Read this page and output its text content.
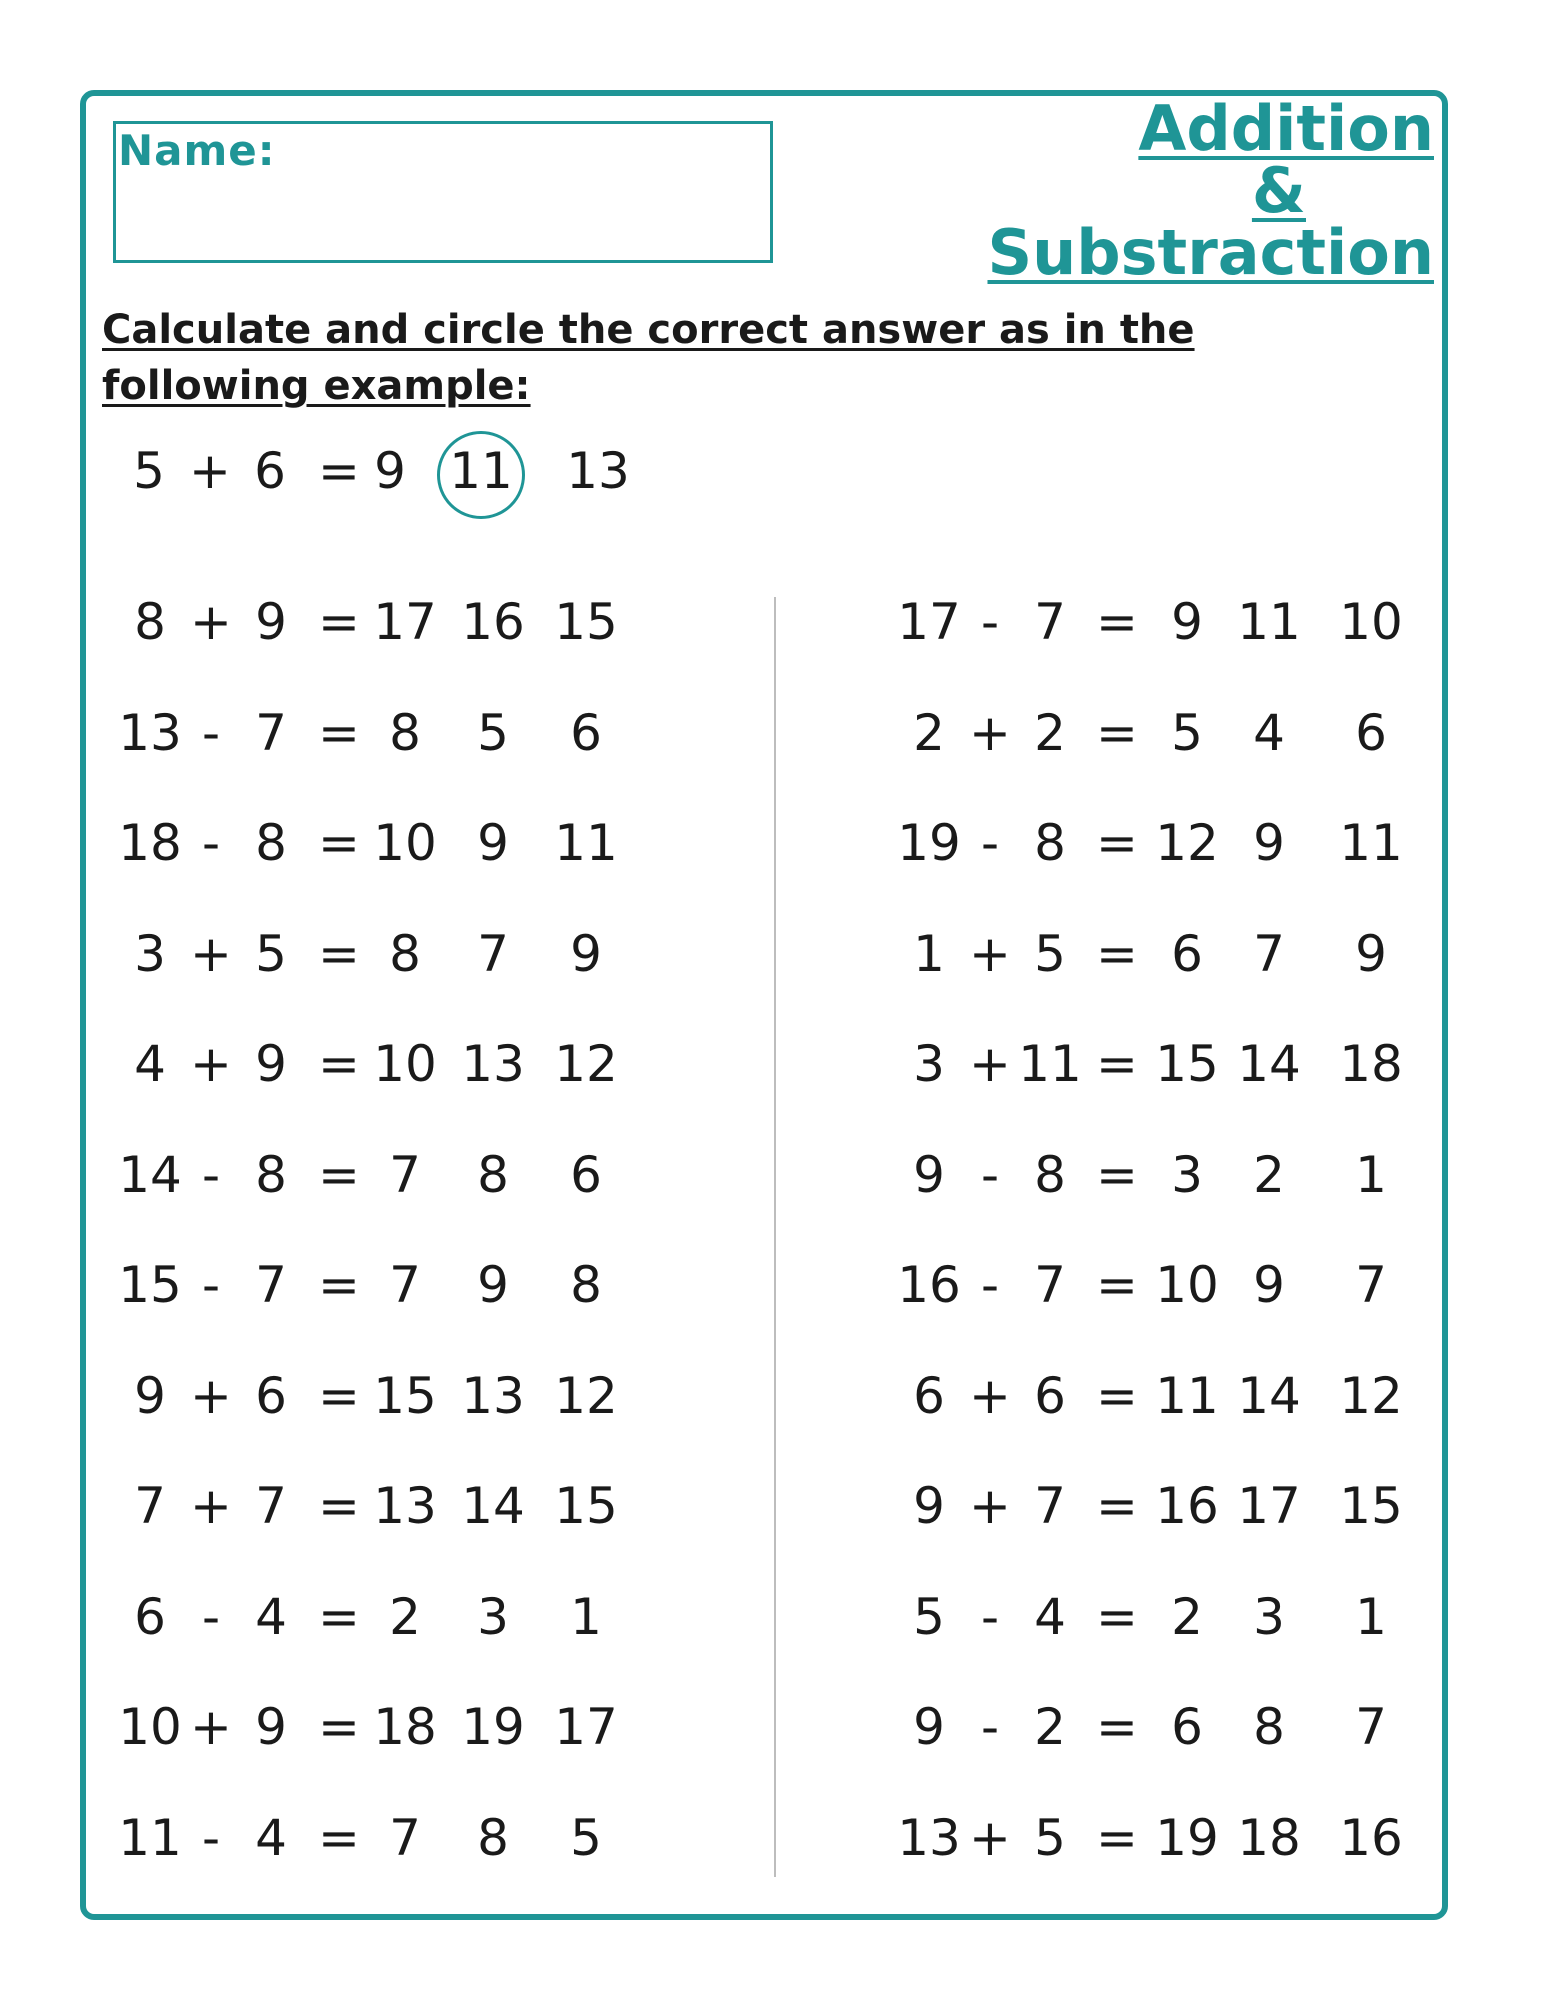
Name:	Addition
&
Substraction
Calculate and circle the correct answer as in the following example:
5 + 6 = 9 11 13
8 + 9 = 17 16 15
13 - 7 = 8	5	6
18 - 8 = 10 9 11
3 + 5 = 8	7	9
4 + 9 = 10 13 12
14 - 8 = 7	8	6
15 - 7 = 7	9	8
9 + 6 = 15 13 12
7 + 7 = 13 14 15
6 - 4 = 2	3	1
10 + 9 = 18 19 17
11 - 4 = 7	8	5
17 - 7 = 9 11 10
2 + 2 = 5	4	6
19 - 8 = 12 9	11
1 + 5 = 6	7	9
3 + 11 = 15 14 18
9 - 8 = 3	2	1
16 - 7 = 10 9	7
6 + 6 = 11 14 12
9 + 7 = 16 17 15
5 - 4 = 2	3	1
9 - 2 = 6	8	7
13 + 5 = 19 18 16
